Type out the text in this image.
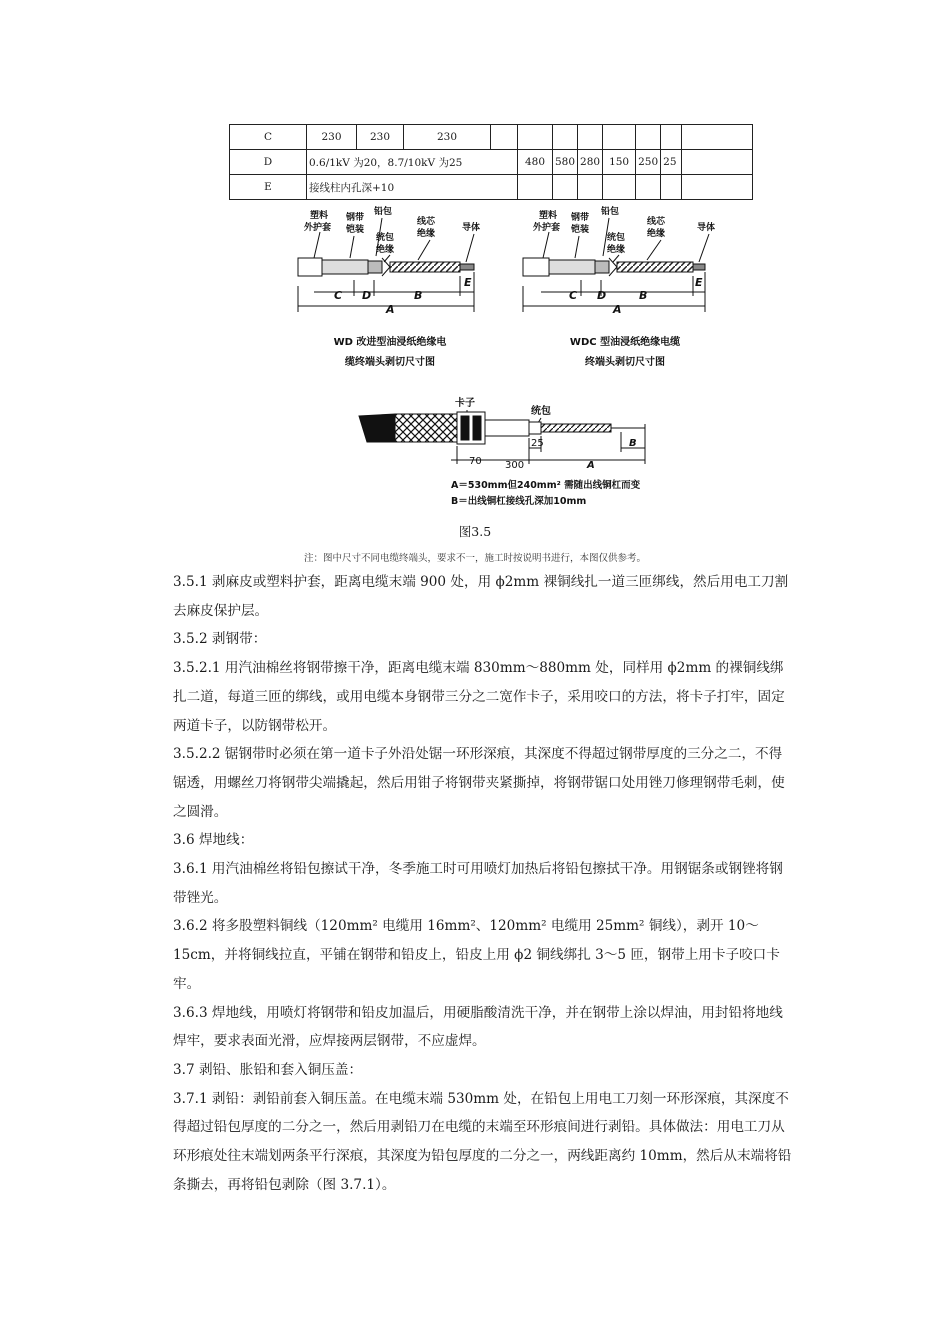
C	230	230	230								
D	0.6/1kV 为20，8.7/10kV 为25				480	580	280	150	250	25	
E	接线柱内孔深+10										
塑料
外护套
钢带
铠装
铅包
统包
绝缘
线芯
绝缘
导体
C D	B
A
E
WD 改进型油浸纸绝缘电
缆终端头剥切尺寸图
塑料
外护套
钢带
铠装
铅包
统包
绝缘
线芯
绝缘
导体
C D	B
A
E
WDC 型油浸纸绝缘电缆
终端头剥切尺寸图
卡子
统包
25	B
70 300	A
A＝530mm但240mm² 需随出线铜杠而变
B＝出线铜杠接线孔深加10mm
图3.5
注：图中尺寸不同电缆终端头，要求不一，施工时按说明书进行，本图仅供参考。

3.5.1 剥麻皮或塑料护套，距离电缆末端 900 处，用 ϕ2mm 裸铜线扎一道三匝绑线，然后用电工刀割去麻皮保护层。

3.5.2 剥钢带：

3.5.2.1 用汽油棉丝将钢带擦干净，距离电缆末端 830mm～880mm 处，同样用 ϕ2mm 的裸铜线绑扎二道，每道三匝的绑线，或用电缆本身钢带三分之二宽作卡子，采用咬口的方法，将卡子打牢，固定两道卡子，以防钢带松开。

3.5.2.2 锯钢带时必须在第一道卡子外沿处锯一环形深痕，其深度不得超过钢带厚度的三分之二，不得锯透，用螺丝刀将钢带尖端撬起，然后用钳子将钢带夹紧撕掉，将钢带锯口处用锉刀修理钢带毛刺，使之圆滑。

3.6 焊地线：

3.6.1 用汽油棉丝将铅包擦试干净，冬季施工时可用喷灯加热后将铅包擦拭干净。用钢锯条或钢锉将钢带锉光。

3.6.2 将多股塑料铜线（120mm² 电缆用 16mm²、120mm² 电缆用 25mm² 铜线），剥开 10～15cm，并将铜线拉直，平铺在钢带和铅皮上，铅皮上用 ϕ2 铜线绑扎 3～5 匝，钢带上用卡子咬口卡牢。

3.6.3 焊地线，用喷灯将钢带和铅皮加温后，用硬脂酸清洗干净，并在钢带上涂以焊油，用封铅将地线焊牢，要求表面光滑，应焊接两层钢带，不应虚焊。

3.7 剥铅、胀铅和套入铜压盖：

3.7.1 剥铅：剥铅前套入铜压盖。在电缆末端 530mm 处，在铅包上用电工刀刻一环形深痕，其深度不得超过铅包厚度的二分之一，然后用剥铅刀在电缆的末端至环形痕间进行剥铅。具体做法：用电工刀从环形痕处往末端划两条平行深痕，其深度为铅包厚度的二分之一，两线距离约 10mm，然后从末端将铅条撕去，再将铅包剥除（图 3.7.1）。
